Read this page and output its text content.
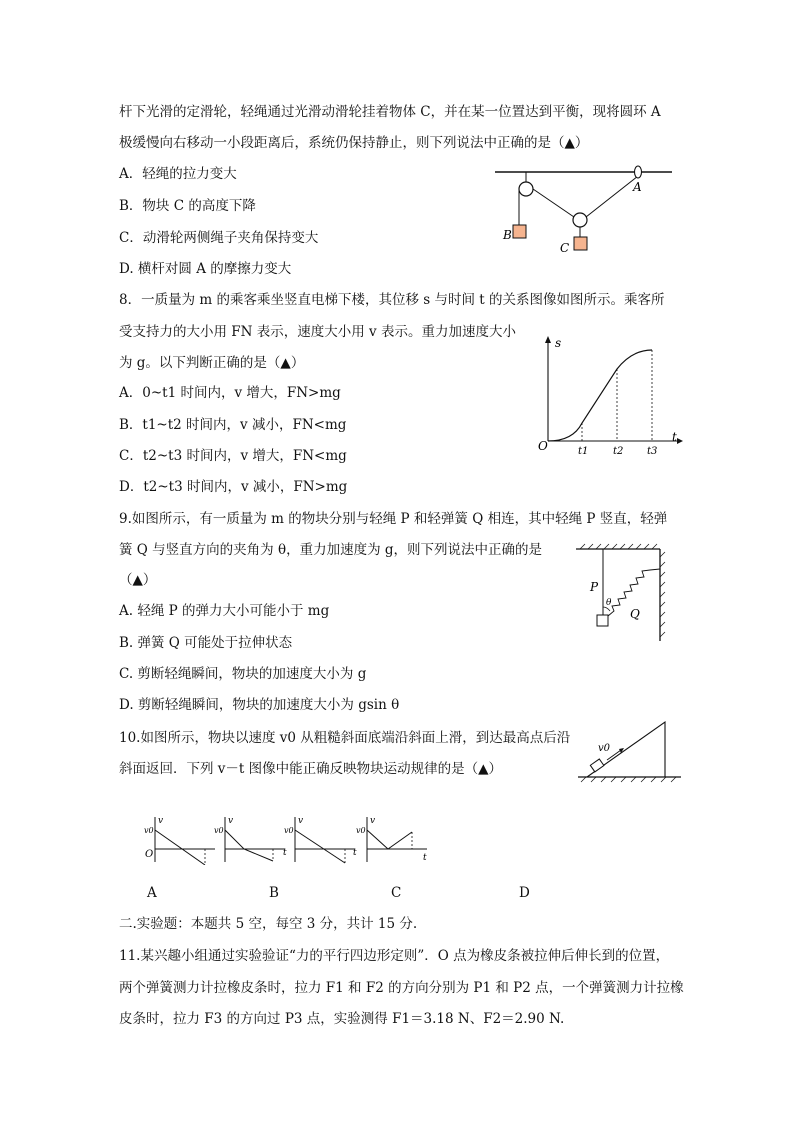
杆下光滑的定滑轮，轻绳通过光滑动滑轮挂着物体 C，并在某一位置达到平衡，现将圆环 A
极缓慢向右移动一小段距离后，系统仍保持静止，则下列说法中正确的是（▲）
A．轻绳的拉力变大
B．物块 C 的高度下降
C．动滑轮两侧绳子夹角保持变大
D. 横杆对圆 A 的摩擦力变大
A
B
C
8．一质量为 m 的乘客乘坐竖直电梯下楼，其位移 s 与时间 t 的关系图像如图所示。乘客所
受支持力的大小用 FN 表示，速度大小用 v 表示。重力加速度大小
为 g。以下判断正确的是（▲）
A．0~t1 时间内，v 增大，FN>mg
B．t1~t2 时间内，v 减小，FN<mg
C．t2~t3 时间内，v 增大，FN<mg
D．t2~t3 时间内，v 减小，FN>mg
s
t
O	t1 t2 t3
9.如图所示，有一质量为 m 的物块分别与轻绳 P 和轻弹簧 Q 相连，其中轻绳 P 竖直，轻弹
簧 Q 与竖直方向的夹角为 θ，重力加速度为 g，则下列说法中正确的是
（▲）
A. 轻绳 P 的弹力大小可能小于 mg
B. 弹簧 Q 可能处于拉伸状态
C. 剪断轻绳瞬间，物块的加速度大小为 g
D. 剪断轻绳瞬间，物块的加速度大小为 gsin θ
P
θ
Q
10.如图所示，物块以速度 v0 从粗糙斜面底端沿斜面上滑，到达最高点后沿
斜面返回．下列 v－t 图像中能正确反映物块运动规律的是（▲）
v0
v
v0
O
v
v0
t
v
v0
t
v
v0
t
A	B	C	D
二.实验题：本题共 5 空，每空 3 分，共计 15 分.
11.某兴趣小组通过实验验证“力的平行四边形定则”．O 点为橡皮条被拉伸后伸长到的位置，
两个弹簧测力计拉橡皮条时，拉力 F1 和 F2 的方向分别为 P1 和 P2 点，一个弹簧测力计拉橡
皮条时，拉力 F3 的方向过 P3 点，实验测得 F1＝3.18 N、F2＝2.90 N.
